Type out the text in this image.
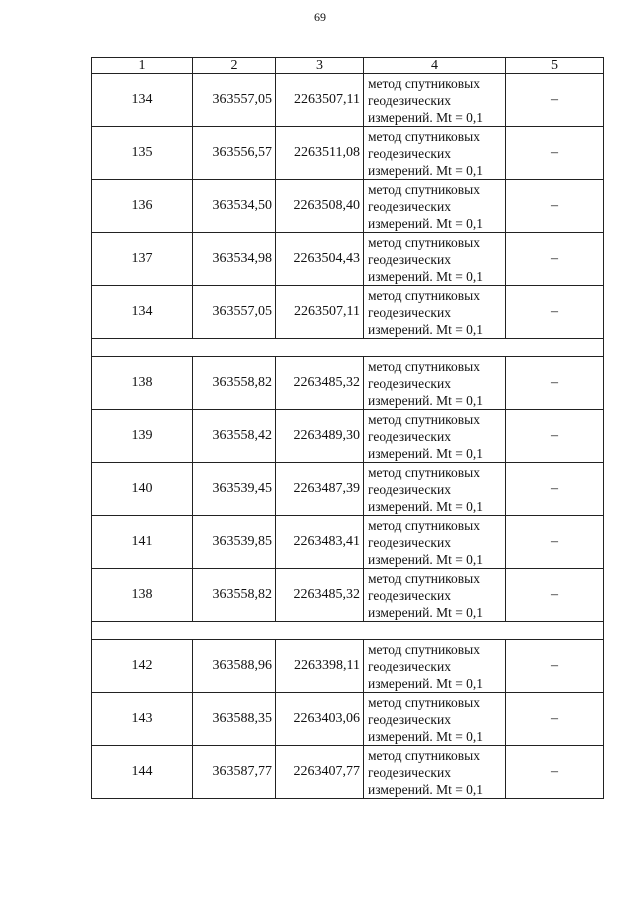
69
1	2	3	4	5
134	363557,05	2263507,11	метод спутниковых
геодезических
измерений. Mt = 0,1	–
135	363556,57	2263511,08	метод спутниковых
геодезических
измерений. Mt = 0,1	–
136	363534,50	2263508,40	метод спутниковых
геодезических
измерений. Mt = 0,1	–
137	363534,98	2263504,43	метод спутниковых
геодезических
измерений. Mt = 0,1	–
134	363557,05	2263507,11	метод спутниковых
геодезических
измерений. Mt = 0,1	–

138	363558,82	2263485,32	метод спутниковых
геодезических
измерений. Mt = 0,1	–
139	363558,42	2263489,30	метод спутниковых
геодезических
измерений. Mt = 0,1	–
140	363539,45	2263487,39	метод спутниковых
геодезических
измерений. Mt = 0,1	–
141	363539,85	2263483,41	метод спутниковых
геодезических
измерений. Mt = 0,1	–
138	363558,82	2263485,32	метод спутниковых
геодезических
измерений. Mt = 0,1	–

142	363588,96	2263398,11	метод спутниковых
геодезических
измерений. Mt = 0,1	–
143	363588,35	2263403,06	метод спутниковых
геодезических
измерений. Mt = 0,1	–
144	363587,77	2263407,77	метод спутниковых
геодезических
измерений. Mt = 0,1	–
